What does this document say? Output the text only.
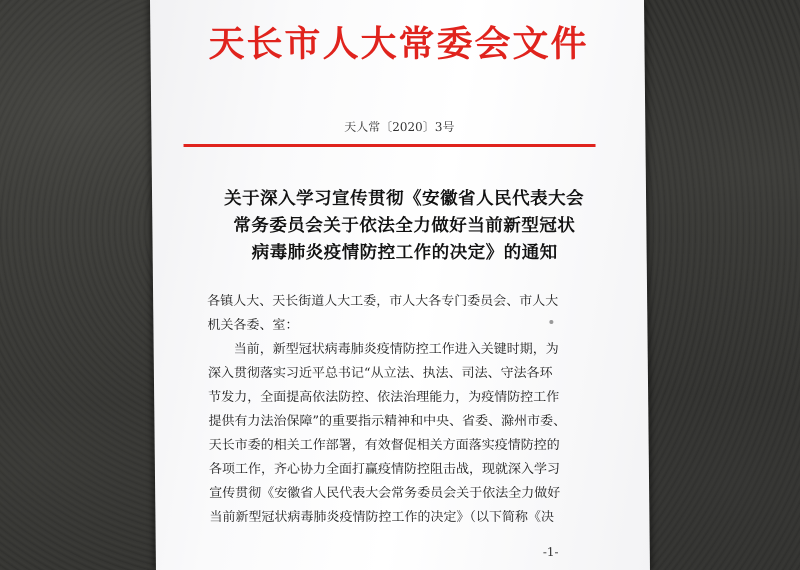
天长市人大常委会文件
天人常〔2020〕3号
关于深入学习宣传贯彻《安徽省人民代表大会
常务委员会关于依法全力做好当前新型冠状
病毒肺炎疫情防控工作的决定》的通知
各镇人大、天长街道人大工委，市人大各专门委员会、市人大
机关各委、室：
当前，新型冠状病毒肺炎疫情防控工作进入关键时期，为
深入贯彻落实习近平总书记“从立法、执法、司法、守法各环
节发力，全面提高依法防控、依法治理能力，为疫情防控工作
提供有力法治保障”的重要指示精神和中央、省委、滁州市委、
天长市委的相关工作部署，有效督促相关方面落实疫情防控的
各项工作，齐心协力全面打赢疫情防控阻击战，现就深入学习
宣传贯彻《安徽省人民代表大会常务委员会关于依法全力做好
当前新型冠状病毒肺炎疫情防控工作的决定》（以下简称《决
-1-
